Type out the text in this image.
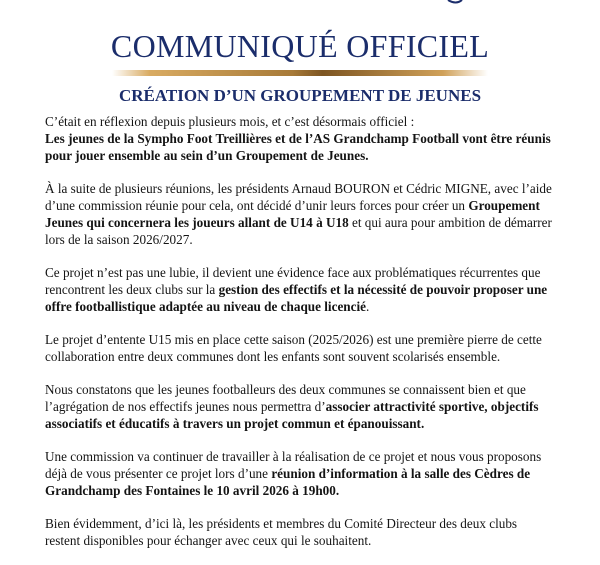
COMMUNIQUÉ OFFICIEL
CRÉATION D’UN GROUPEMENT DE JEUNES

C’était en réflexion depuis plusieurs mois, et c’est désormais officiel :
Les jeunes de la Sympho Foot Treillières et de l’AS Grandchamp Football vont être réunis pour jouer ensemble au sein d’un Groupement de Jeunes.

À la suite de plusieurs réunions, les présidents Arnaud BOURON et Cédric MIGNE, avec l’aide d’une commission réunie pour cela, ont décidé d’unir leurs forces pour créer un Groupement Jeunes qui concernera les joueurs allant de U14 à U18 et qui aura pour ambition de démarrer lors de la saison 2026/2027.

Ce projet n’est pas une lubie, il devient une évidence face aux problématiques récurrentes que rencontrent les deux clubs sur la gestion des effectifs et la nécessité de pouvoir proposer une offre footballistique adaptée au niveau de chaque licencié.

Le projet d’entente U15 mis en place cette saison (2025/2026) est une première pierre de cette collaboration entre deux communes dont les enfants sont souvent scolarisés ensemble.

Nous constatons que les jeunes footballeurs des deux communes se connaissent bien et que l’agrégation de nos effectifs jeunes nous permettra d’associer attractivité sportive, objectifs associatifs et éducatifs à travers un projet commun et épanouissant.

Une commission va continuer de travailler à la réalisation de ce projet et nous vous proposons déjà de vous présenter ce projet lors d’une réunion d’information à la salle des Cèdres de Grandchamp des Fontaines le 10 avril 2026 à 19h00.

Bien évidemment, d’ici là, les présidents et membres du Comité Directeur des deux clubs restent disponibles pour échanger avec ceux qui le souhaitent.
